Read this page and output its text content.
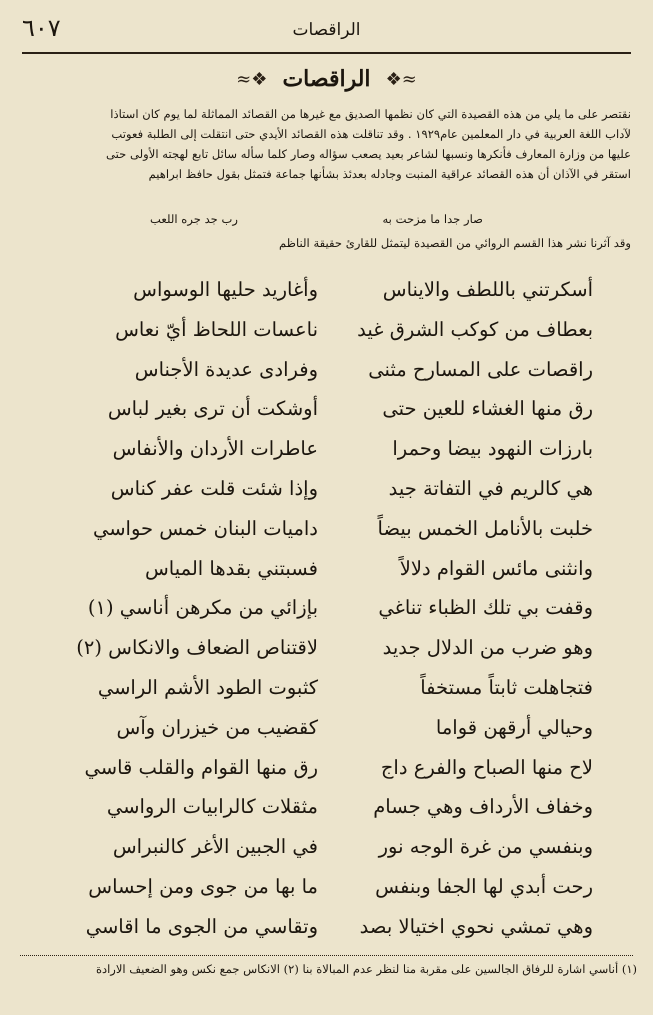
٦٠٧	الراقصات
≈❖ الراقصات ❖≈

نقتصر على ما يلي من هذه القصيدة التي كان نظمها الصديق مع غيرها من القصائد المماثلة لما يوم كان استاذا

لآداب اللغة العربية في دار المعلمين عام١٩٢٩ . وقد تناقلت هذه القصائد الأيدي حتى انتقلت إلى الطلبة فعوتب

عليها من وزارة المعارف فأنكرها ونسبها لشاعر بعيد يصعب سؤاله وصار كلما سأله سائل تابع لهجته الأولى حتى

استقر في الآذان أن هذه القصائد عراقية المنبت وجادله بعدئذ بشأنها جماعة فتمثل بقول حافظ ابراهيم

صار جدا ما مزحت به
رب جد جره اللعب
وقد آثرنا نشر هذا القسم الروائي من القصيدة ليتمثل للقارئ حقيقة الناظم
أسكرتني باللطف والايناس
وأغاريد حليها الوسواس
بعطاف من كوكب الشرق غيد
ناعسات اللحاظ أيّ نعاس
راقصات على المسارح مثنى
وفرادى عديدة الأجناس
رق منها الغشاء للعين حتى
أوشكت أن ترى بغير لباس
بارزات النهود بيضا وحمرا
عاطرات الأردان والأنفاس
هي كالريم في التفاتة جيد
وإذا شئت قلت عفر كناس
خلبت بالأنامل الخمس بيضاً
داميات البنان خمس حواسي
وانثنى مائس القوام دلالاً
فسبتني بقدها المياس
وقفت بي تلك الظباء تناغي
بإزائي من مكرهن أناسي (١)
وهو ضرب من الدلال جديد
لاقتناص الضعاف والانكاس (٢)
فتجاهلت ثابتاً مستخفاً
كثبوت الطود الأشم الراسي
وحيالي أرقهن قواما
كقضيب من خيزران وآس
لاح منها الصباح والفرع داج
رق منها القوام والقلب قاسي
وخفاف الأرداف وهي جسام
مثقلات كالرابيات الرواسي
وبنفسي من غرة الوجه نور
في الجبين الأغر كالنبراس
رحت أبدي لها الجفا وبنفس
ما بها من جوى ومن إحساس
وهي تمشي نحوي اختيالا بصد
وتقاسي من الجوى ما اقاسي
(١) أناسي اشارة للرفاق الجالسين على مقربة منا لنظر عدم المبالاة بنا (٢) الانكاس جمع نكس وهو الضعيف الارادة
